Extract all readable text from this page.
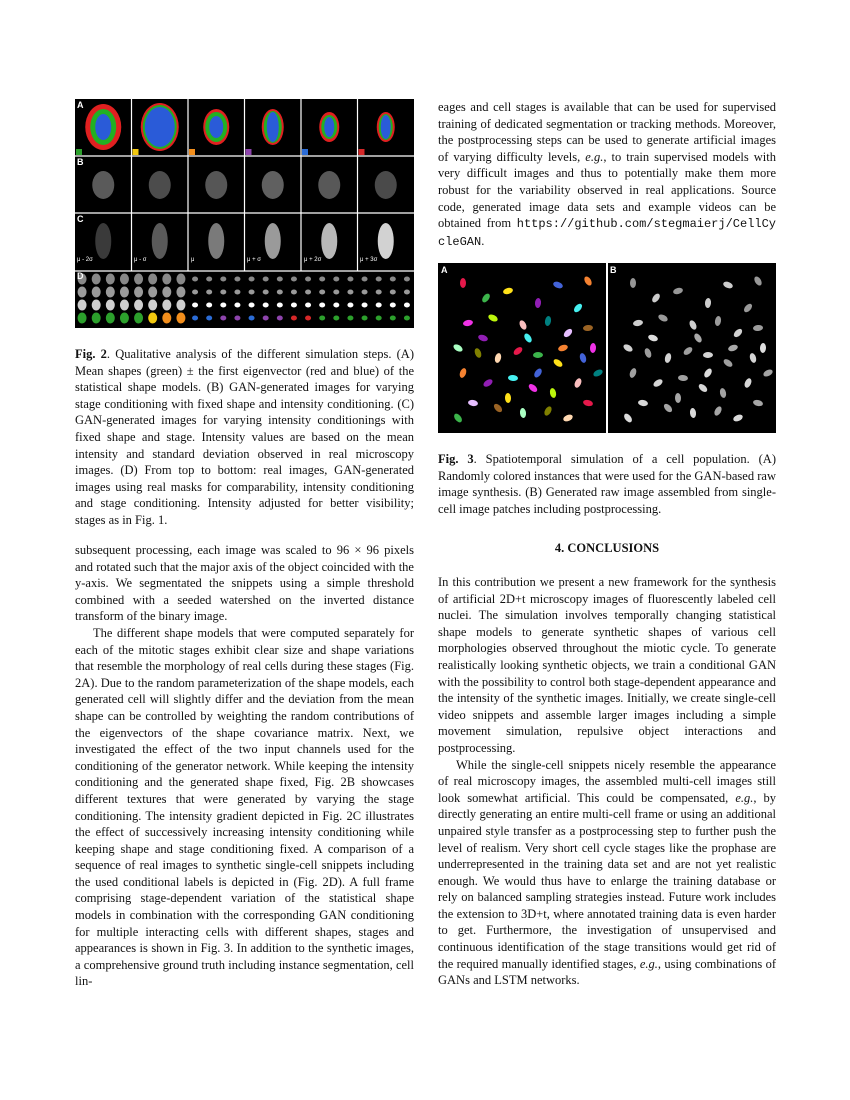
A
B
C
D
μ - 2σ	μ - σ	μ	μ + σ	μ + 2σ	μ + 3σ

Fig. 2. Qualitative analysis of the different simulation steps. (A) Mean shapes (green) ± the first eigenvector (red and blue) of the statistical shape models. (B) GAN-generated images for varying stage conditioning with fixed shape and intensity conditioning. (C) GAN-generated images for varying intensity conditionings with fixed shape and stage. Intensity values are based on the mean intensity and standard deviation observed in real microscopy images. (D) From top to bottom: real images, GAN-generated images using real masks for comparability, intensity conditioning and stage conditioning. Intensity adjusted for better visibility; stages as in Fig. 1.

subsequent processing, each image was scaled to 96 × 96 pixels and rotated such that the major axis of the object coincided with the y-axis. We segmentated the snippets using a simple threshold combined with a seeded watershed on the inverted distance transform of the binary image.

The different shape models that were computed separately for each of the mitotic stages exhibit clear size and shape variations that resemble the morphology of real cells during these stages (Fig. 2A). Due to the random parameterization of the shape models, each generated cell will slightly differ and the deviation from the mean shape can be controlled by weighting the random contributions of the eigenvectors of the shape covariance matrix. Next, we investigated the effect of the two input channels used for the conditioning of the generator network. While keeping the intensity conditioning and the generated shape fixed, Fig. 2B showcases different textures that were generated by varying the stage conditioning. The intensity gradient depicted in Fig. 2C illustrates the effect of successively increasing intensity conditioning while keeping shape and stage conditioning fixed. A comparison of a sequence of real images to synthetic single-cell snippets including the used conditional labels is depicted in (Fig. 2D). A full frame comprising stage-dependent variation of the statistical shape models in combination with the corresponding GAN conditioning for multiple interacting cells with different shapes, stages and appearances is shown in Fig. 3. In addition to the synthetic images, a comprehensive ground truth including instance segmentation, cell lin-

eages and cell stages is available that can be used for supervised training of dedicated segmentation or tracking methods. Moreover, the postprocessing steps can be used to generate artificial images of varying difficulty levels, e.g., to train supervised models with very difficult images and thus to potentially make them more robust for the variability observed in real applications. Source code, generated image data sets and example videos can be obtained from https://github.com/stegmaierj/CellCycleGAN.

A	B

Fig. 3. Spatiotemporal simulation of a cell population. (A) Randomly colored instances that were used for the GAN-based raw image synthesis. (B) Generated raw image assembled from single-cell image patches including postprocessing.

4. CONCLUSIONS

In this contribution we present a new framework for the synthesis of artificial 2D+t microscopy images of fluorescently labeled cell nuclei. The simulation involves temporally changing statistical shape models to generate synthetic shapes of various cell morphologies observed throughout the miotic cycle. To generate realistically looking synthetic objects, we train a conditional GAN with the possibility to control both stage-dependent appearance and the intensity of the synthetic images. Initially, we create single-cell video snippets and assemble larger images including a simple movement simulation, repulsive object interactions and postprocessing.

While the single-cell snippets nicely resemble the appearance of real microscopy images, the assembled multi-cell images still look somewhat artificial. This could be compensated, e.g., by directly generating an entire multi-cell frame or using an additional unpaired style transfer as a postprocessing step to further push the level of realism. Very short cell cycle stages like the prophase are underrepresented in the training data set and are not yet realistic enough. We would thus have to enlarge the training database or rely on balanced sampling strategies instead. Future work includes the extension to 3D+t, where annotated training data is even harder to get. Furthermore, the investigation of unsupervised and continuous identification of the stage transitions would get rid of the required manually identified stages, e.g., using combinations of GANs and LSTM networks.
